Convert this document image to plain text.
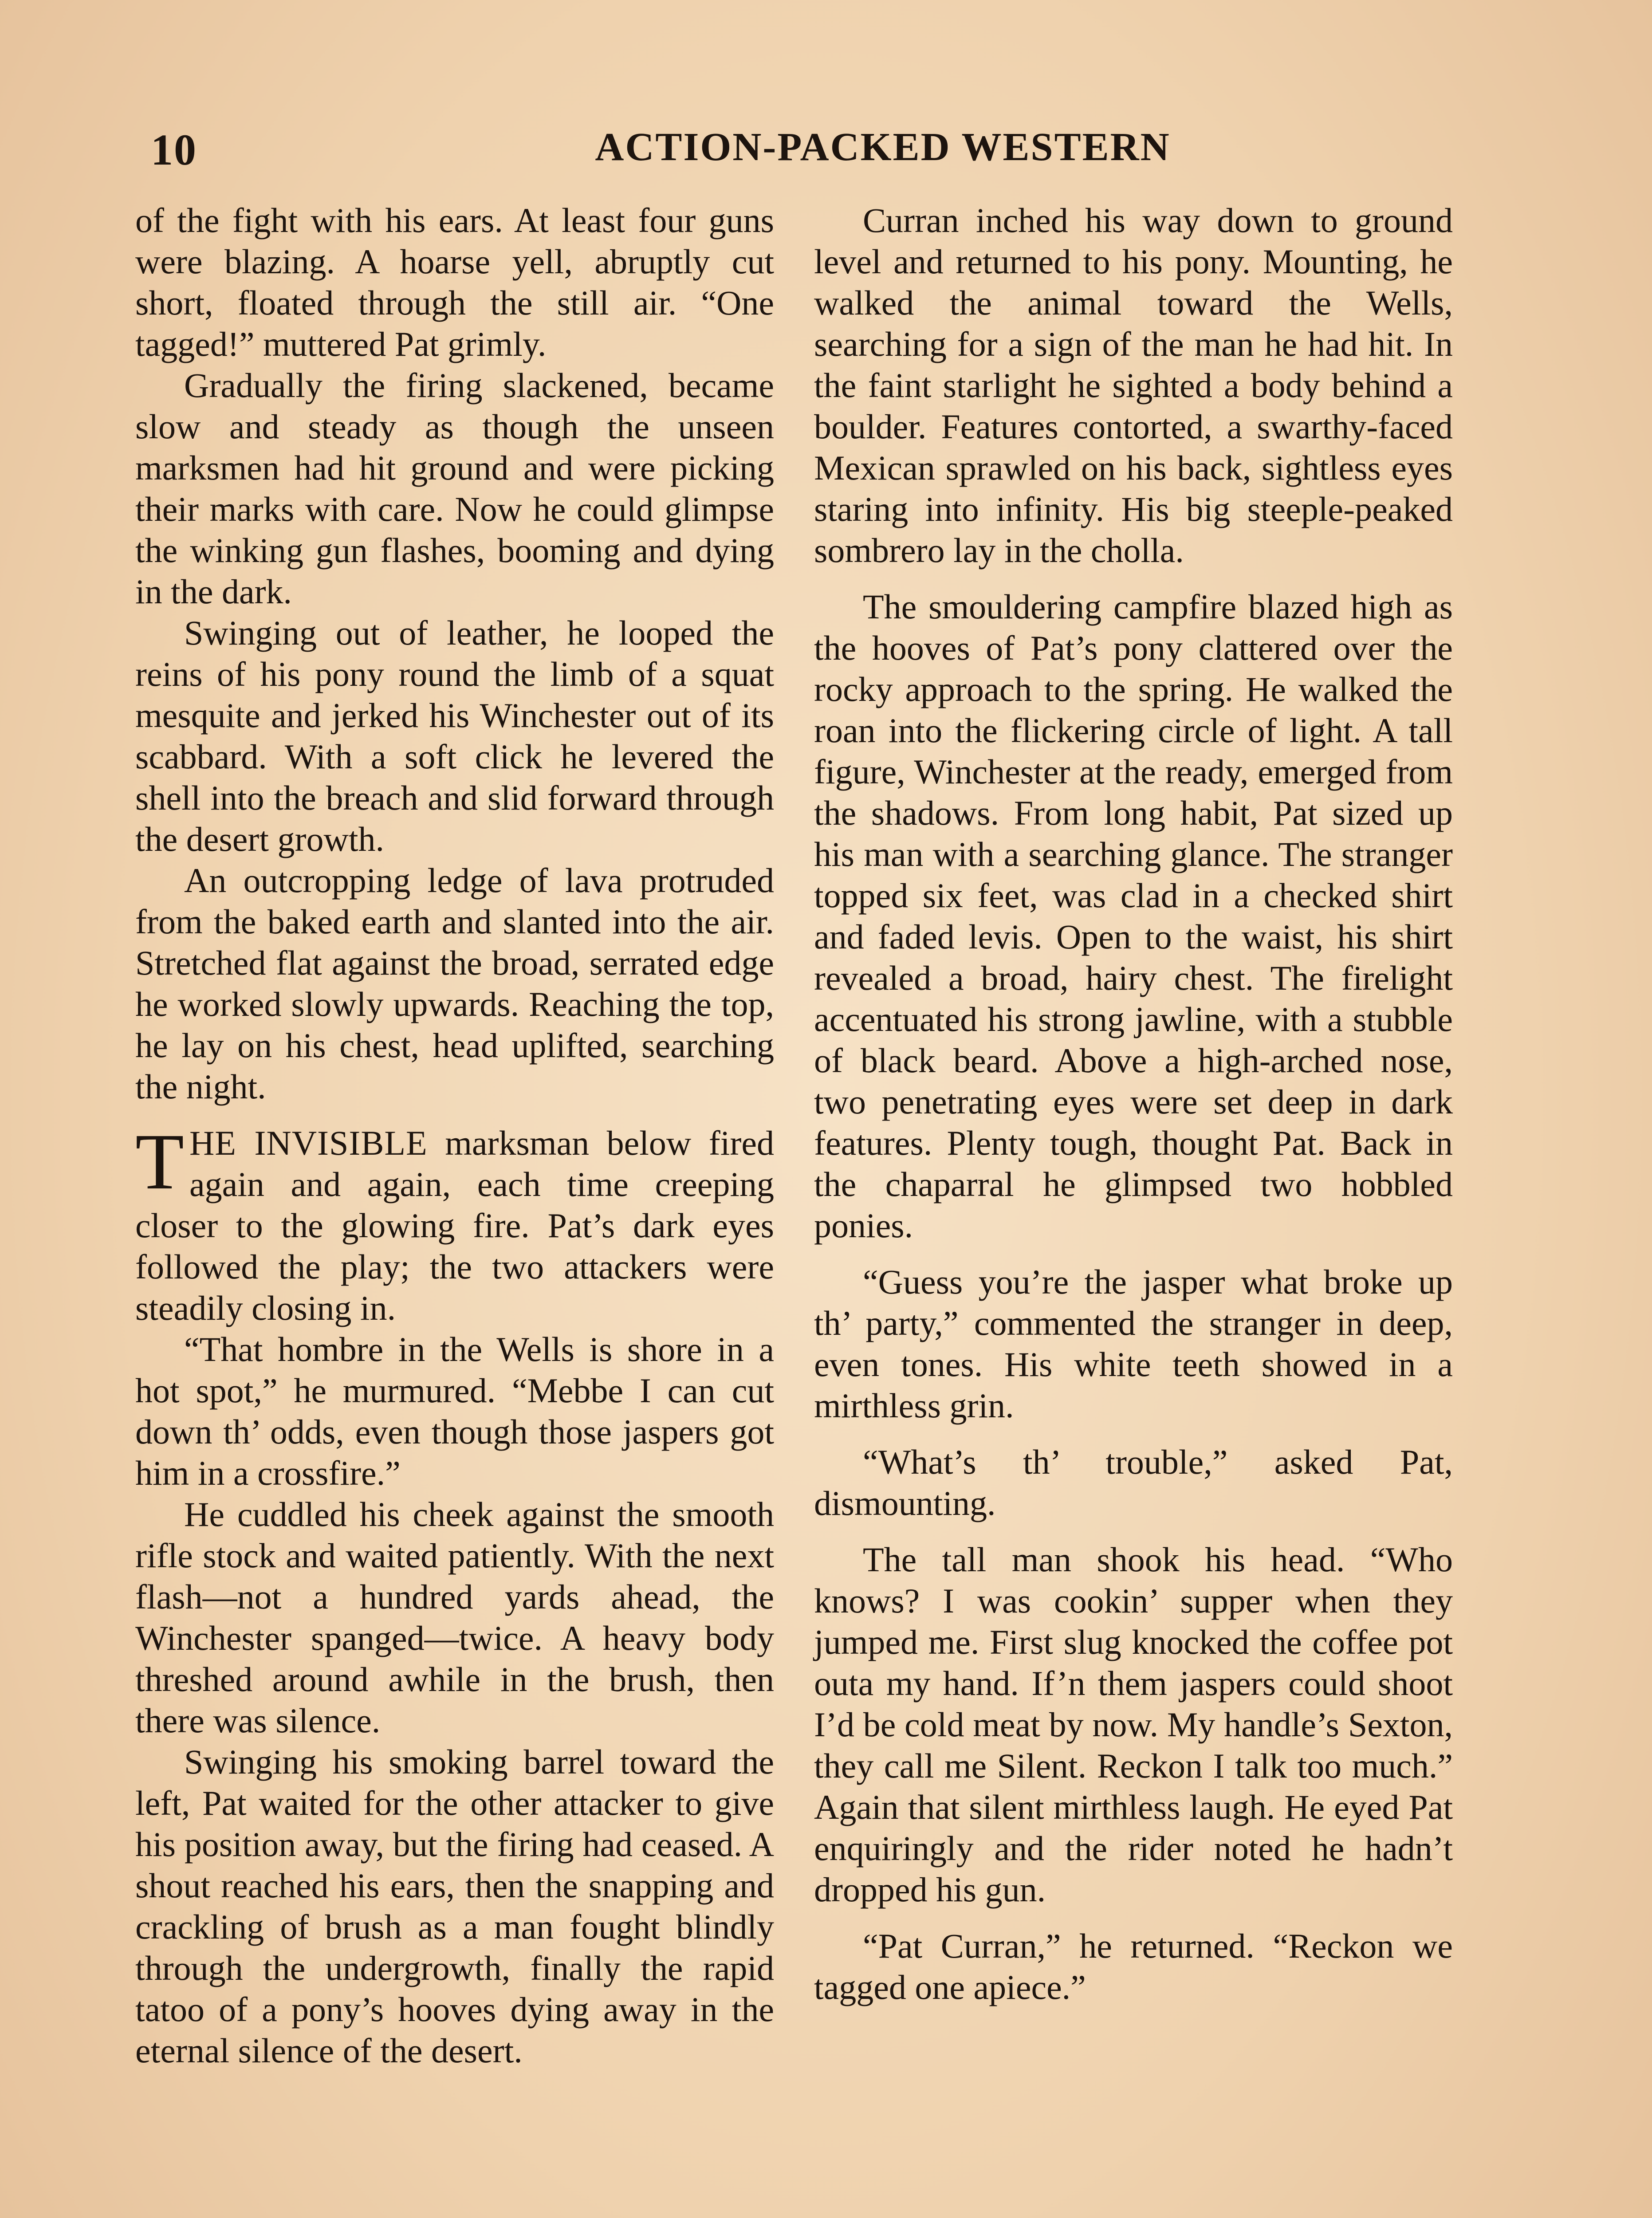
10	ACTION-PACKED WESTERN

of the fight with his ears. At least four guns were blazing. A hoarse yell, abruptly cut short, floated through the still air. “One tagged!” muttered Pat grimly.

Gradually the firing slackened, became slow and steady as though the unseen marksmen had hit ground and were picking their marks with care. Now he could glimpse the winking gun flashes, booming and dying in the dark.

Swinging out of leather, he looped the reins of his pony round the limb of a squat mesquite and jerked his Winchester out of its scabbard. With a soft click he levered the shell into the breach and slid forward through the desert growth.

An outcropping ledge of lava protruded from the baked earth and slanted into the air. Stretched flat against the broad, serrated edge he worked slowly upwards. Reaching the top, he lay on his chest, head uplifted, searching the night.

THE INVISIBLE marksman below fired again and again, each time creeping closer to the glowing fire. Pat’s dark eyes followed the play; the two attackers were steadily closing in.

“That hombre in the Wells is shore in a hot spot,” he murmured. “Mebbe I can cut down th’ odds, even though those jaspers got him in a crossfire.”

He cuddled his cheek against the smooth rifle stock and waited patiently. With the next flash—not a hundred yards ahead, the Winchester spanged—twice. A heavy body threshed around awhile in the brush, then there was silence.

Swinging his smoking barrel toward the left, Pat waited for the other attacker to give his position away, but the firing had ceased. A shout reached his ears, then the snapping and crackling of brush as a man fought blindly through the undergrowth, finally the rapid tatoo of a pony’s hooves dying away in the eternal silence of the desert.

Curran inched his way down to ground level and returned to his pony. Mounting, he walked the animal toward the Wells, searching for a sign of the man he had hit. In the faint starlight he sighted a body behind a boulder. Features contorted, a swarthy-faced Mexican sprawled on his back, sightless eyes staring into infinity. His big steeple-peaked sombrero lay in the cholla.

The smouldering campfire blazed high as the hooves of Pat’s pony clattered over the rocky approach to the spring. He walked the roan into the flickering circle of light. A tall figure, Winchester at the ready, emerged from the shadows. From long habit, Pat sized up his man with a searching glance. The stranger topped six feet, was clad in a checked shirt and faded levis. Open to the waist, his shirt revealed a broad, hairy chest. The firelight accentuated his strong jawline, with a stubble of black beard. Above a high-arched nose, two penetrating eyes were set deep in dark features. Plenty tough, thought Pat. Back in the chaparral he glimpsed two hobbled ponies.

“Guess you’re the jasper what broke up th’ party,” commented the stranger in deep, even tones. His white teeth showed in a mirthless grin.

“What’s th’ trouble,” asked Pat, dismounting.

The tall man shook his head. “Who knows? I was cookin’ supper when they jumped me. First slug knocked the coffee pot outa my hand. If’n them jaspers could shoot I’d be cold meat by now. My handle’s Sexton, they call me Silent. Reckon I talk too much.” Again that silent mirthless laugh. He eyed Pat enquiringly and the rider noted he hadn’t dropped his gun.

“Pat Curran,” he returned. “Reckon we tagged one apiece.”
